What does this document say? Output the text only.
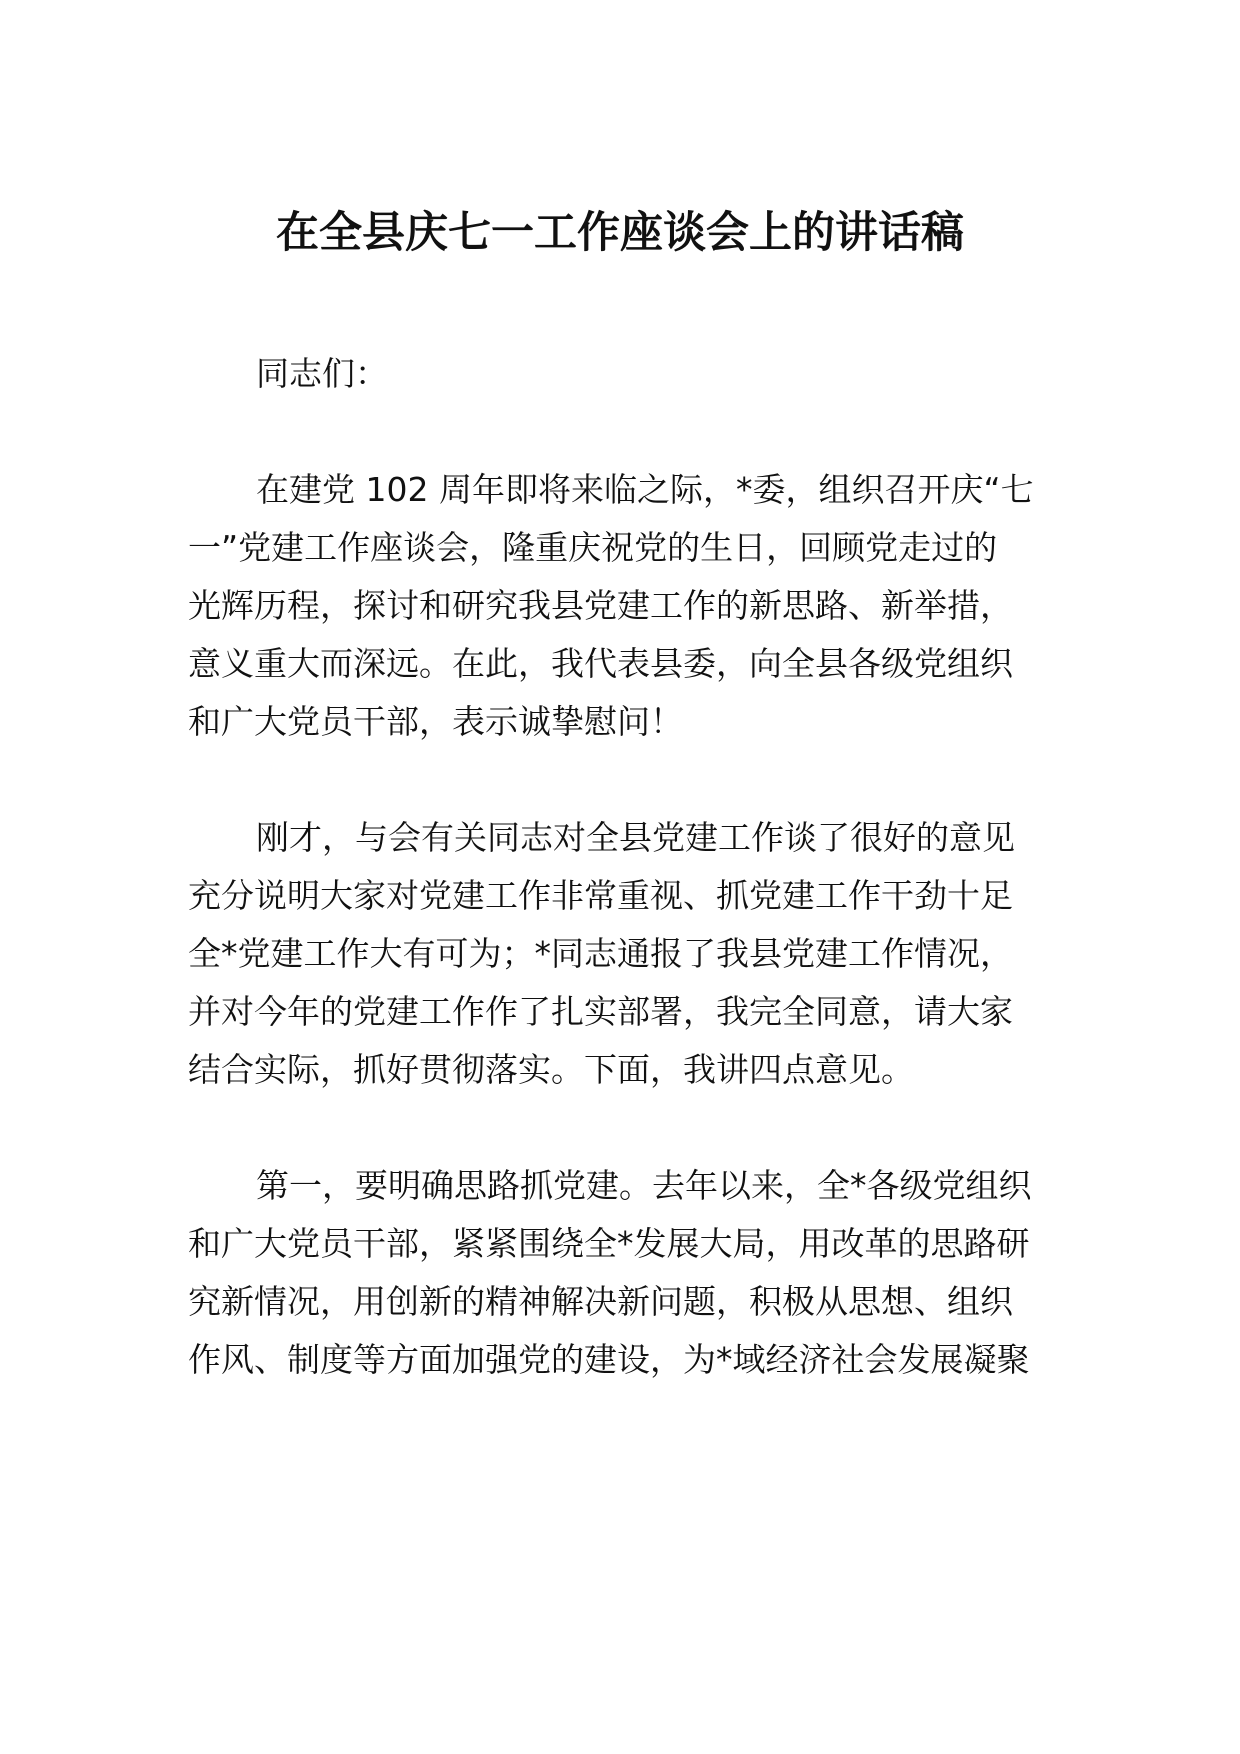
在全县庆七一工作座谈会上的讲话稿
同志们：
在建党 102 周年即将来临之际，*委，组织召开庆“七
一”党建工作座谈会，隆重庆祝党的生日，回顾党走过的
光辉历程，探讨和研究我县党建工作的新思路、新举措，
意义重大而深远。在此，我代表县委，向全县各级党组织
和广大党员干部，表示诚挚慰问！
刚才，与会有关同志对全县党建工作谈了很好的意见
充分说明大家对党建工作非常重视、抓党建工作干劲十足
全*党建工作大有可为；*同志通报了我县党建工作情况，
并对今年的党建工作作了扎实部署，我完全同意，请大家
结合实际，抓好贯彻落实。下面，我讲四点意见。
第一，要明确思路抓党建。去年以来，全*各级党组织
和广大党员干部，紧紧围绕全*发展大局，用改革的思路研
究新情况，用创新的精神解决新问题，积极从思想、组织
作风、制度等方面加强党的建设，为*域经济社会发展凝聚
